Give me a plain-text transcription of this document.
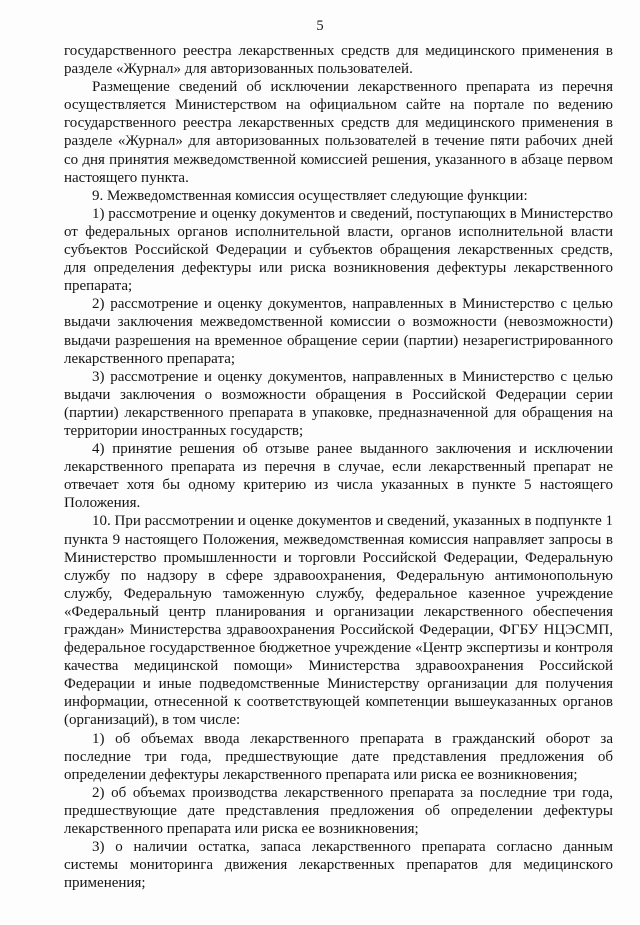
5

государственного реестра лекарственных средств для медицинского применения в разделе «Журнал» для авторизованных пользователей.

Размещение сведений об исключении лекарственного препарата из перечня осуществляется Министерством на официальном сайте на портале по ведению государственного реестра лекарственных средств для медицинского применения в разделе «Журнал» для авторизованных пользователей в течение пяти рабочих дней со дня принятия межведомственной комиссией решения, указанного в абзаце первом настоящего пункта.

9. Межведомственная комиссия осуществляет следующие функции:

1) рассмотрение и оценку документов и сведений, поступающих в Министерство от федеральных органов исполнительной власти, органов исполнительной власти субъектов Российской Федерации и субъектов обращения лекарственных средств, для определения дефектуры или риска возникновения дефектуры лекарственного препарата;

2) рассмотрение и оценку документов, направленных в Министерство с целью выдачи заключения межведомственной комиссии о возможности (невозможности) выдачи разрешения на временное обращение серии (партии) незарегистрированного лекарственного препарата;

3) рассмотрение и оценку документов, направленных в Министерство с целью выдачи заключения о возможности обращения в Российской Федерации серии (партии) лекарственного препарата в упаковке, предназначенной для обращения на территории иностранных государств;

4) принятие решения об отзыве ранее выданного заключения и исключении лекарственного препарата из перечня в случае, если лекарственный препарат не отвечает хотя бы одному критерию из числа указанных в пункте 5 настоящего Положения.

10. При рассмотрении и оценке документов и сведений, указанных в подпункте 1 пункта 9 настоящего Положения, межведомственная комиссия направляет запросы в Министерство промышленности и торговли Российской Федерации, Федеральную службу по надзору в сфере здравоохранения, Федеральную антимонопольную службу, Федеральную таможенную службу, федеральное казенное учреждение «Федеральный центр планирования и организации лекарственного обеспечения граждан» Министерства здравоохранения Российской Федерации, ФГБУ НЦЭСМП, федеральное государственное бюджетное учреждение «Центр экспертизы и контроля качества медицинской помощи» Министерства здравоохранения Российской Федерации и иные подведомственные Министерству организации для получения информации, отнесенной к соответствующей компетенции вышеуказанных органов (организаций), в том числе:

1) об объемах ввода лекарственного препарата в гражданский оборот за последние три года, предшествующие дате представления предложения об определении дефектуры лекарственного препарата или риска ее возникновения;

2) об объемах производства лекарственного препарата за последние три года, предшествующие дате представления предложения об определении дефектуры лекарственного препарата или риска ее возникновения;

3) о наличии остатка, запаса лекарственного препарата согласно данным системы мониторинга движения лекарственных препаратов для медицинского применения;
